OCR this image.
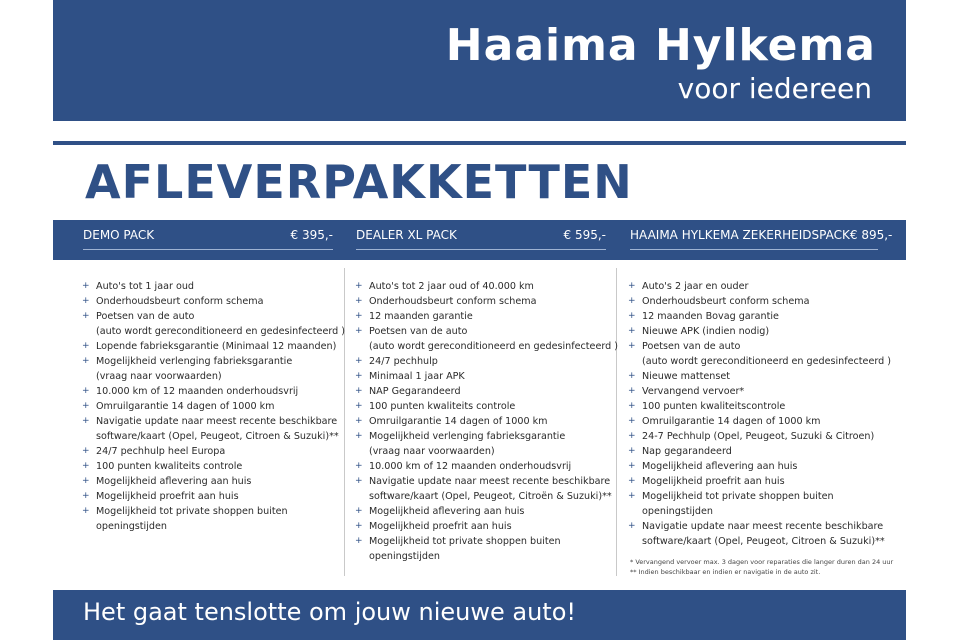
Haaima Hylkema
voor iedereen
AFLEVERPAKKETTEN
DEMO PACK	€ 395,- DEALER XL PACK	€ 595,- HAAIMA HYLKEMA ZEKERHEIDSPACK € 895,-
+ Auto's tot 1 jaar oud
+ Onderhoudsbeurt conform schema
+ Poetsen van de auto
(auto wordt gereconditioneerd en gedesinfecteerd )
+ Lopende fabrieksgarantie (Minimaal 12 maanden)
+ Mogelijkheid verlenging fabrieksgarantie
(vraag naar voorwaarden)
+ 10.000 km of 12 maanden onderhoudsvrij
+ Omruilgarantie 14 dagen of 1000 km
+ Navigatie update naar meest recente beschikbare
software/kaart (Opel, Peugeot, Citroen & Suzuki)**
+ 24/7 pechhulp heel Europa
+ 100 punten kwaliteits controle
+ Mogelijkheid aflevering aan huis
+ Mogelijkheid proefrit aan huis
+ Mogelijkheid tot private shoppen buiten
openingstijden
+ Auto's tot 2 jaar oud of 40.000 km
+ Onderhoudsbeurt conform schema
+ 12 maanden garantie
+ Poetsen van de auto
(auto wordt gereconditioneerd en gedesinfecteerd )
+ 24/7 pechhulp
+ Minimaal 1 jaar APK
+ NAP Gegarandeerd
+ 100 punten kwaliteits controle
+ Omruilgarantie 14 dagen of 1000 km
+ Mogelijkheid verlenging fabrieksgarantie
(vraag naar voorwaarden)
+ 10.000 km of 12 maanden onderhoudsvrij
+ Navigatie update naar meest recente beschikbare
software/kaart (Opel, Peugeot, Citroën & Suzuki)**
+ Mogelijkheid aflevering aan huis
+ Mogelijkheid proefrit aan huis
+ Mogelijkheid tot private shoppen buiten
openingstijden
+ Auto's 2 jaar en ouder
+ Onderhoudsbeurt conform schema
+ 12 maanden Bovag garantie
+ Nieuwe APK (indien nodig)
+ Poetsen van de auto
(auto wordt gereconditioneerd en gedesinfecteerd )
+ Nieuwe mattenset
+ Vervangend vervoer*
+ 100 punten kwaliteitscontrole
+ Omruilgarantie 14 dagen of 1000 km
+ 24-7 Pechhulp (Opel, Peugeot, Suzuki & Citroen)
+ Nap gegarandeerd
+ Mogelijkheid aflevering aan huis
+ Mogelijkheid proefrit aan huis
+ Mogelijkheid tot private shoppen buiten
openingstijden
+ Navigatie update naar meest recente beschikbare
software/kaart (Opel, Peugeot, Citroen & Suzuki)**
* Vervangend vervoer max. 3 dagen voor reparaties die langer duren dan 24 uur
** Indien beschikbaar en indien er navigatie in de auto zit.
Het gaat tenslotte om jouw nieuwe auto!
